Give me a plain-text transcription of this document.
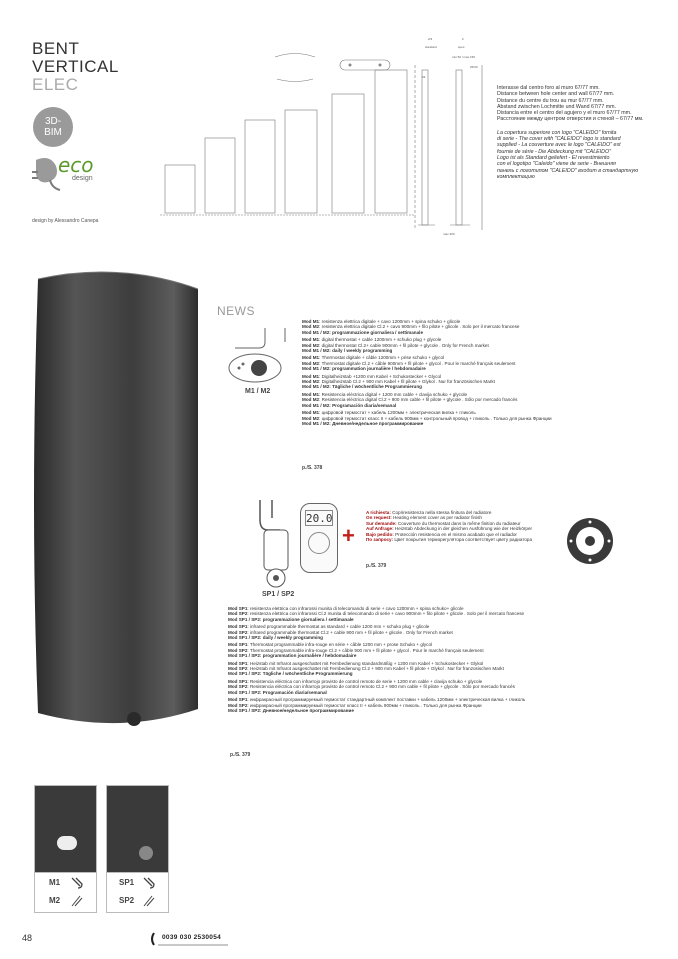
BENT
VERTICAL
ELEC
3D-
BIM
eco
design
design by Alessandro Canepa
standard	spec.
min 50 / max 150
2/3	2
25/30
63
max 300

Interasse dal centro foro al muro 67/77 mm.
Distance between hole center and wall 67/77 mm.
Distance du centre du trou au mur 67/77 mm.
Abstand zwischen Lochmitte und Wand 67/77 mm.
Distancia entre el centro del agujero y el muro 67/77 mm.
Расстояние между центром отверстия и стеной – 67/77 мм.

La copertura superiore con logo "CALEIDO" fornita
di serie - The cover with "CALEIDO" logo is standard
supplied - La couverture avec le logo "CALEIDO" est
fournie de série - Die Abdeckung mit "CALEIDO"
Logo ist als Standard geliefert - El revestimiento
con el logotipo "Caleido" viene de serie - Внешняя
панель с логотипом "CALEIDO" входит в стандартную
комплектацию

NEWS
M1 / M2
Mod M1: resistenza elettrica digitale + cavo 1200mm + spina schuko + glicole
Mod M2: resistenza elettrica digitale Cl.2 + cavo 900mm + filo pilote + glicole . Solo per il mercato francese
Mod M1 / M2: programmazione giornaliera / settimanale
Mod M1: digital thermostat + cable 1200mm + schuko plug + glycole
Mod M2: digital thermostat Cl.2+ cable 900mm + fil pilote + glycole . Only for French market
Mod M1 / M2: daily / weekly programming
Mod M1: Thermostat digitale + câble 1200mm + prise schuko + glycol
Mod M2: Thermostat digitale Cl.2 + câble 900mm + fil pilote + glycol . Pour le marché français seulement
Mod M1 / M2: programmation journalière / hebdomadaire
Mod M1: Digitalheizstab +1200 mm Kabel + Schukostecker + Glycol
Mod M2: Digitalheizstab Cl.2 + 900 mm Kabel + fil pilote + Glykol . Nur für französischen Markt
Mod M1 / M2: Tägliche / wöchentliche Programmierung
Mod M1: Resistencia eléctrica digital + 1200 mm cable + clavija schuko + glycole
Mod M2: Resistencia eléctrica digital Cl.2 + 900 mm cable + fil pilote + glycole . Sólo por mercado francés
Mod M1 / M2: Programación diaria/semanal
Mod M1: цифровой термостат + кабель 1200мм + электрическая вилка + гликоль
Mod M2: цифровой термостат класс II + кабель 900мм + контрольный провод + гликоль . Только для рынка Франции
Mod M1 / M2: Дневное/недельное программирование
p./S. 378
20.0
+
SP1 / SP2
A richiesta: Copriresistenza nella stessa finitura del radiatore
On request: Heating element cover as per radiator finish
Sur demande: Couverture du thermostat dans la même finition du radiateur
Auf Anfrage: Heizstab Abdeckung in der gleichen Ausführung wie der Heizkörper
Bajo pedido: Protección resistencia en el mismo acabado que el radiador
По запросу: Цвет покрытия термoрегулятора соответствует цвету радиатора
p./S. 379
Mod SP1: resistenza elettrica con infrarossi munita di telecomando di serie + cavo 1200mm + spina schuko+ glicole
Mod SP2: resistenza elettrica con infrarossi Cl.2 munita di telecomando di serie + cavo 900mm + filo pilote + glicole . Solo per il mercato francese
Mod SP1 / SP2: programmazione giornaliera / settimanale
Mod SP1: infrared programmable thermostat as standard + cable 1200 mm + schuko plug + glicole
Mod SP2: infrared programmable thermostat Cl.2 + cable 900 mm + fil pilote + glicole . Only for French market
Mod SP1 / SP2: daily / weekly programming
Mod SP1: Thermostat programmable infra-rouge en série + câble 1200 mm + prose Schuko + glycol
Mod SP2: Thermostat programmable infra-rouge Cl.2 + câble 900 mm + fil pilote + glycol . Pour le marché français seulement
Mod SP1 / SP2: programmation journalière / hebdomadaire
Mod SP1: Heizstab mit Infrarot ausgeschattet mit Fernbedienung standardmäßig + 1200 mm Kabel + Schukostecker + Glykol
Mod SP2: Heizstab mit Infrarot ausgeschattet mit Fernbedienung Cl.2 + 900 mm Kabel + fil pilote + Glykol . Nur für franzosischen Markt
Mod SP1 / SP2: Tägliche / wöchentliche Programmierung
Mod SP1: Resistencia eléctrica con infrarrojo provisto de control remoto de serie + 1200 mm cable + clavija schuko + glycole
Mod SP2: Resistencia eléctrica con infrarrojo provisto de control remoto Cl.2 + 900 mm cable + fil pilote + glycole . Sólo por mercado francés
Mod SP1 / SP2: Programación diaria/semanal
Mod SP1: инфракрасный программируемый термостат стандартный комплект поставки + кабель 1200мм + электрическая вилка + гликоль
Mod SP2: инфракрасный программируемый термостат класс II + кабель 900мм + гликоль . Только для рынка Франции
Mod SP1 / SP2: Дневное/недельное программирование
p./S. 379
M1
M2
SP1
SP2
48	0039 030 2530054
